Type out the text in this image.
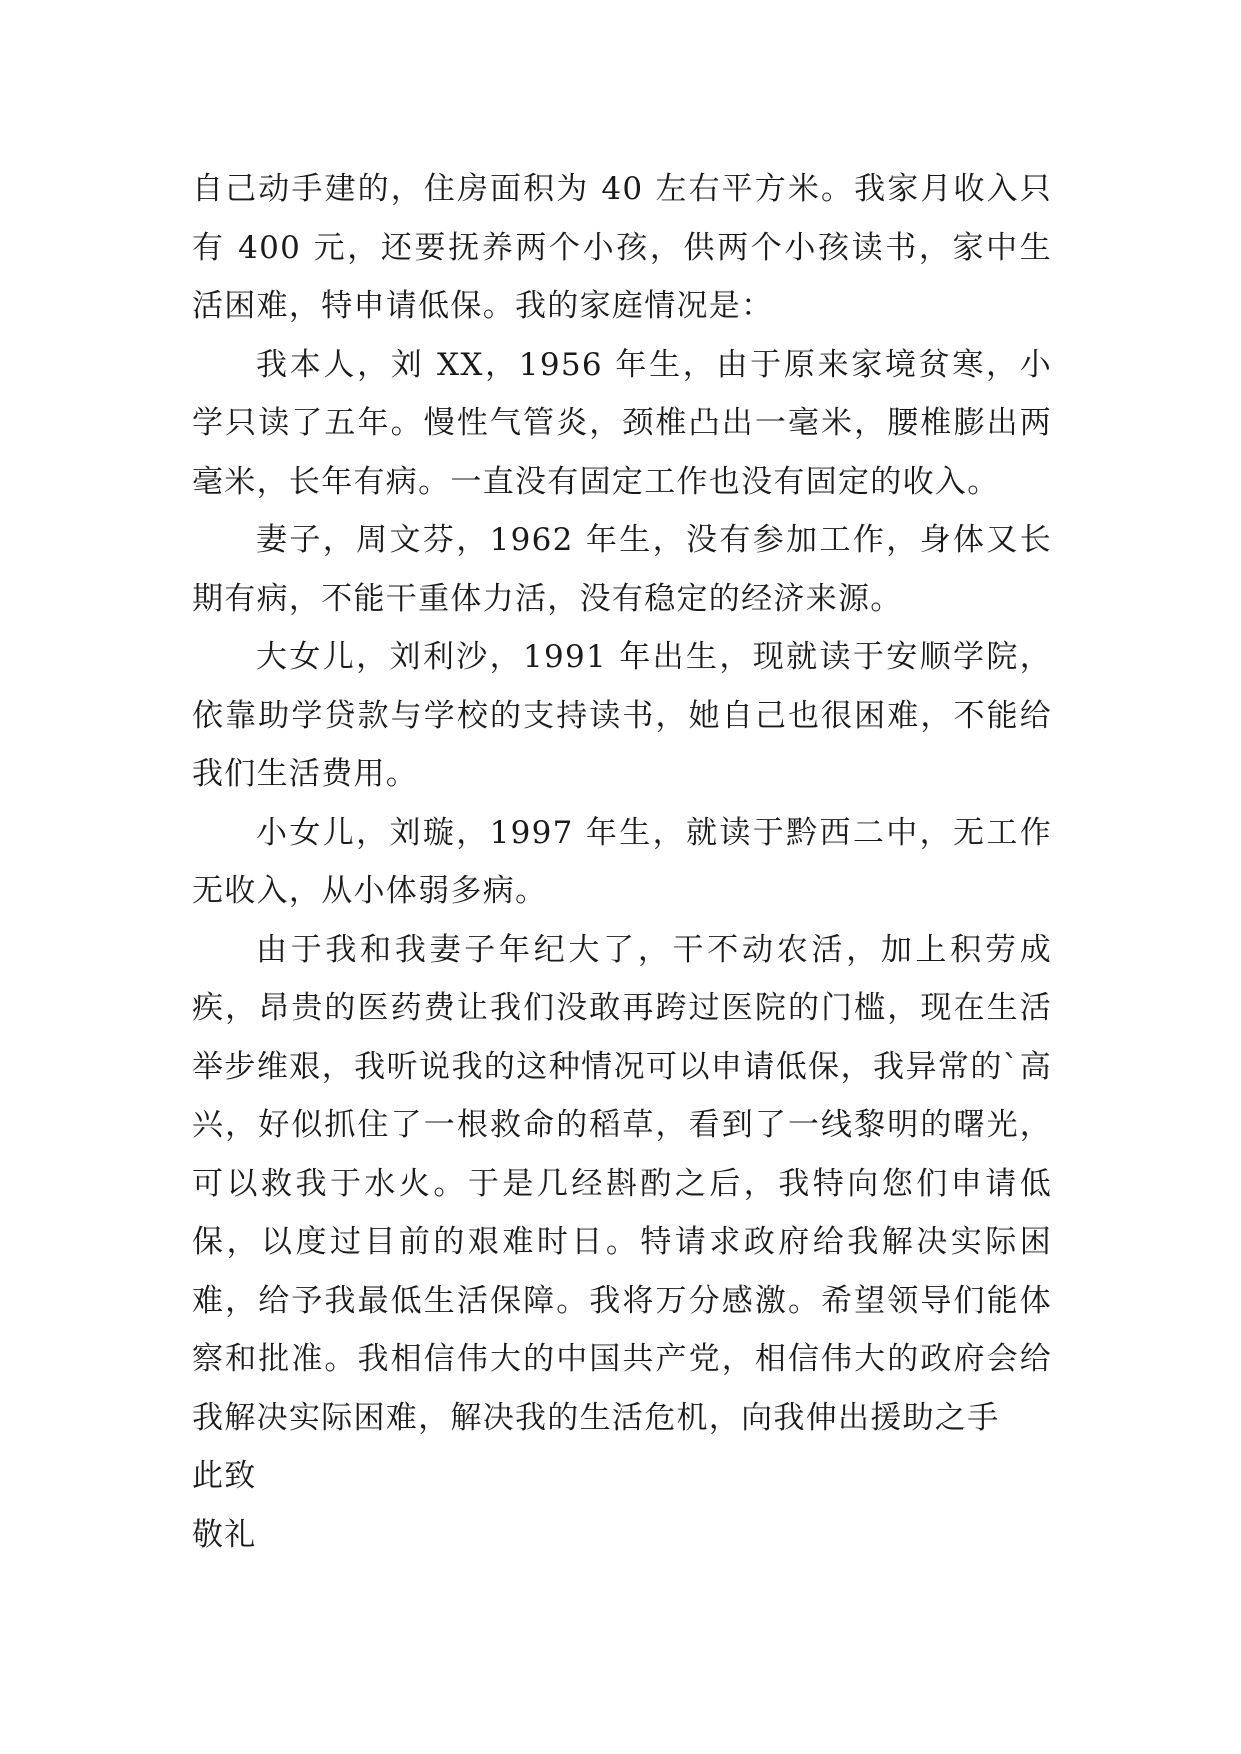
自己动手建的，住房面积为 40 左右平方米。我家月收入只有 400 元，还要抚养两个小孩，供两个小孩读书，家中生活困难，特申请低保。我的家庭情况是：

我本人，刘 XX，1956 年生，由于原来家境贫寒，小学只读了五年。慢性气管炎，颈椎凸出一毫米，腰椎膨出两毫米，长年有病。一直没有固定工作也没有固定的收入。

妻子，周文芬，1962 年生，没有参加工作，身体又长期有病，不能干重体力活，没有稳定的经济来源。

大女儿，刘利沙，1991 年出生，现就读于安顺学院，依靠助学贷款与学校的支持读书，她自己也很困难，不能给我们生活费用。

小女儿，刘璇，1997 年生，就读于黔西二中，无工作无收入，从小体弱多病。

由于我和我妻子年纪大了，干不动农活，加上积劳成疾，昂贵的医药费让我们没敢再跨过医院的门槛，现在生活举步维艰，我听说我的这种情况可以申请低保，我异常的`高兴，好似抓住了一根救命的稻草，看到了一线黎明的曙光，可以救我于水火。于是几经斟酌之后，我特向您们申请低保，以度过目前的艰难时日。特请求政府给我解决实际困难，给予我最低生活保障。我将万分感激。希望领导们能体察和批准。我相信伟大的中国共产党，相信伟大的政府会给我解决实际困难，解决我的生活危机，向我伸出援助之手

此致

敬礼
